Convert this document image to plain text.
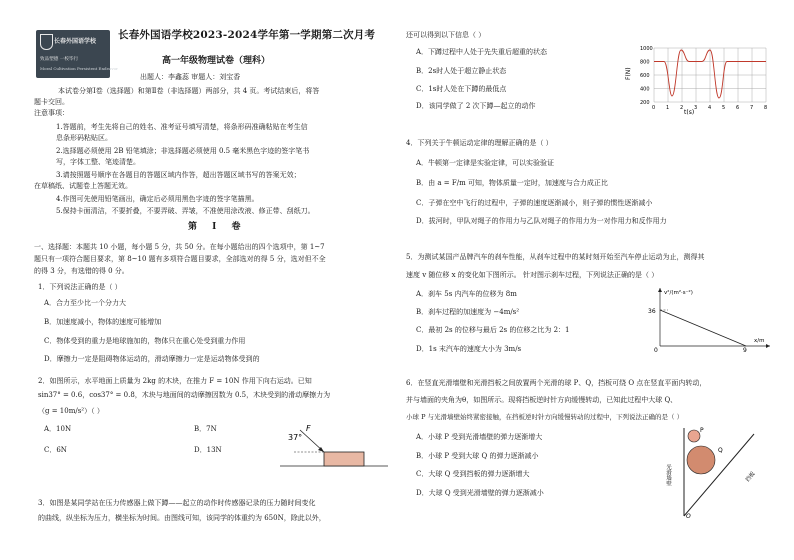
长春外国语学校
致品塑德 一校毕行
Moral Cultivation Persistent Endeavor
长春外国语学校2023-2024学年第一学期第二次月考
高一年级物理试卷（理科）
出题人：李鑫蕊 审题人：刘宝香
本试卷分第Ⅰ卷（选择题）和第Ⅱ卷（非选择题）两部分，共 4 页。考试结束后，将答
题卡交回。
注意事项：
1.答题前，考生先将自己的姓名、准考证号填写清楚，将条形码准确粘贴在考生信
息条形码粘贴区。
2.选择题必须使用 2B 铅笔填涂；非选择题必须使用 0.5 毫米黑色字迹的签字笔书
写，字体工整、笔迹清楚。
3.请按照题号顺序在各题目的答题区域内作答，超出答题区域书写的答案无效；
在草稿纸、试题卷上答题无效。
4.作图可先使用铅笔画出，确定后必须用黑色字迹的签字笔描黑。
5.保持卡面清洁，不要折叠，不要弄破、弄皱，不准使用涂改液、修正带、刮纸刀。
第 Ⅰ 卷
一、选择题：本题共 10 小题，每小题 5 分，共 50 分。在每小题给出的四个选项中，第 1~7
题只有一项符合题目要求，第 8~10 题有多项符合题目要求，全部选对的得 5 分，选对但不全
的得 3 分，有选错的得 0 分。
1．下列说法正确的是（ ）
A．合力至少比一个分力大
B．加速度减小，物体的速度可能增加
C．物体受到的重力是地球施加的，物体只在重心处受到重力作用
D．摩擦力一定是阻碍物体运动的，滑动摩擦力一定是运动物体受到的
2．如图所示，水平地面上质量为 2kg 的木块，在推力 F = 10N 作用下向右运动。已知
sin37° = 0.6，cos37° = 0.8，木块与地面间的动摩擦因数为 0.5，木块受到的滑动摩擦力为
（g = 10m/s²）（ ）
A．10N	B．7N
C．6N	D．13N
37°
F
3．如图是某同学站在压力传感器上做下蹲——起立的动作时传感器记录的压力随时间变化
的曲线，纵坐标为压力，横坐标为时间。由图线可知，该同学的体重约为 650N，除此以外，
还可以得到以下信息（ ）
A．下蹲过程中人处于先失重后超重的状态
B．2s时人处于超立静止状态
C．1s时人处在下蹲的最低点
D．该同学做了 2 次下蹲—起立的动作
F(N)
t(s)
0 1 2 3 4 5 6 7 8
1000
800
600
400
200
4．下列关于牛顿运动定律的理解正确的是（ ）
A．牛顿第一定律是实验定律，可以实验验证
B．由 a = F/m 可知，物体质量一定时，加速度与合力成正比
C．子弹在空中飞行的过程中，子弹的速度逐渐减小，则子弹的惯性逐渐减小
D．拔河时，甲队对绳子的作用力与乙队对绳子的作用力为一对作用力和反作用力
5．为测试某国产品牌汽车的刹车性能，从刹车过程中的某时刻开始至汽车停止运动为止，测得其
速度 v 随位移 x 的变化如下图所示。 针对图示刹车过程，下列说法正确的是（ ）
A．刹车 5s 内汽车的位移为 8m
B．刹车过程的加速度为 −4m/s²
C．最初 2s 的位移与最后 2s 的位移之比为 2：1
D．1s 末汽车的速度大小为 3m/s
36
9
0
v²/(m²·s⁻²)
x/m
6．在竖直光滑墙壁和光滑挡板之间放置两个光滑的球 P、Q，挡板可绕 O 点在竖直平面内转动，
并与墙面的夹角为θ，如图所示。现将挡板逆时针方向缓慢转动，已知此过程中大球 Q、
小球 P 与光滑墙壁始终紧密接触，在挡板逆时针方向缓慢转动的过程中，下列说法正确的是（ ）
A．小球 P 受到光滑墙壁的弹力逐渐增大
B．小球 P 受到大球 Q 的弹力逐渐减小
C．大球 Q 受到挡板的弹力逐渐增大
D．大球 Q 受到光滑墙壁的弹力逐渐减小
P
Q
O
挡板
光滑墙壁
